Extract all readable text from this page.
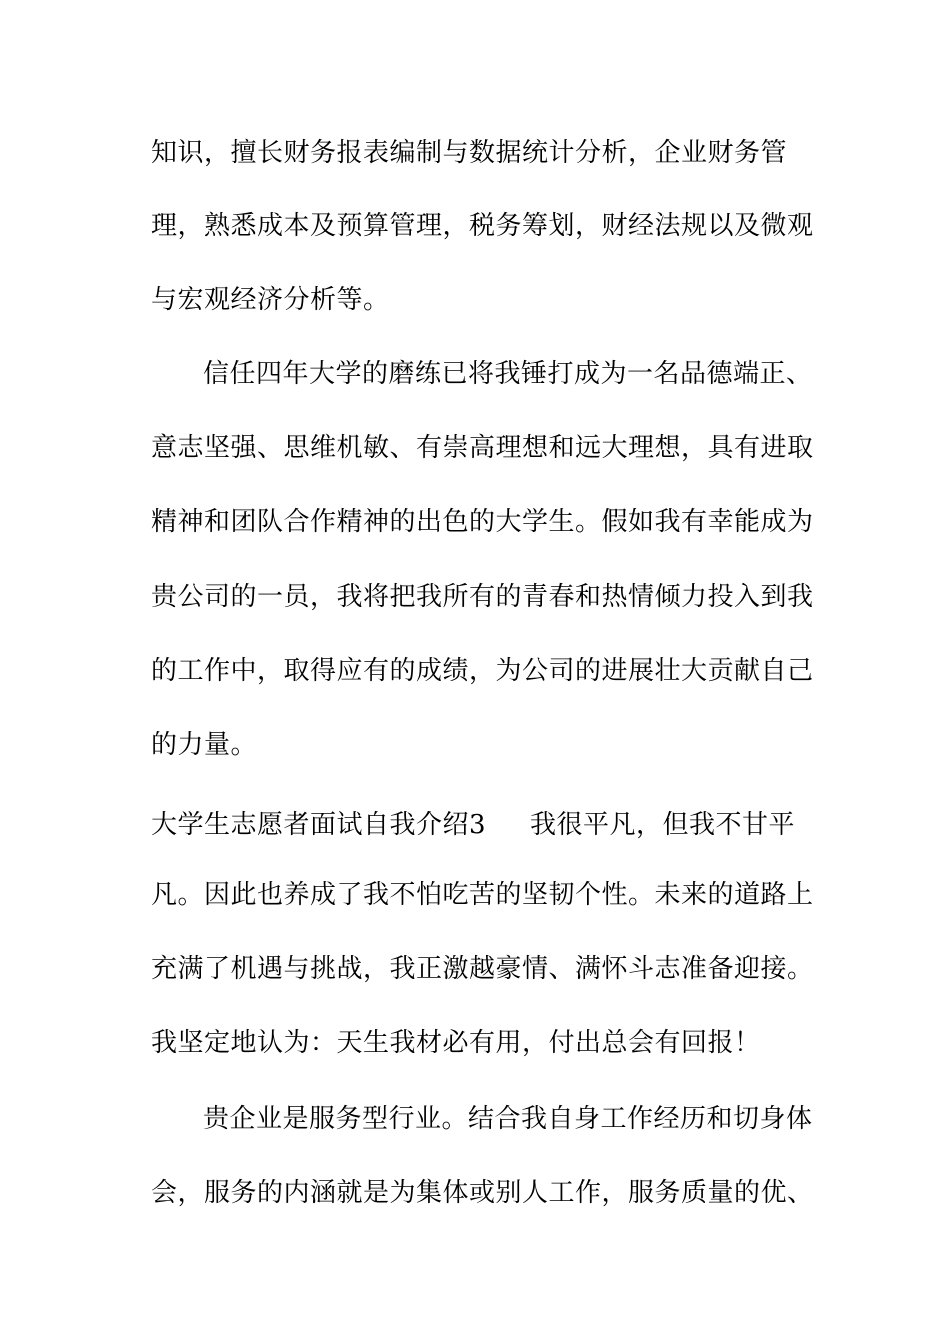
知识，擅长财务报表编制与数据统计分析，企业财务管
理，熟悉成本及预算管理，税务筹划，财经法规以及微观
与宏观经济分析等。
信任四年大学的磨练已将我锤打成为一名品德端正、
意志坚强、思维机敏、有崇高理想和远大理想，具有进取
精神和团队合作精神的出色的大学生。假如我有幸能成为
贵公司的一员，我将把我所有的青春和热情倾力投入到我
的工作中，取得应有的成绩，为公司的进展壮大贡献自己
的力量。
大学生志愿者面试自我介绍3 我很平凡，但我不甘平
凡。因此也养成了我不怕吃苦的坚韧个性。未来的道路上
充满了机遇与挑战，我正激越豪情、满怀斗志准备迎接。
我坚定地认为：天生我材必有用，付出总会有回报！
贵企业是服务型行业。结合我自身工作经历和切身体
会，服务的内涵就是为集体或别人工作，服务质量的优、
